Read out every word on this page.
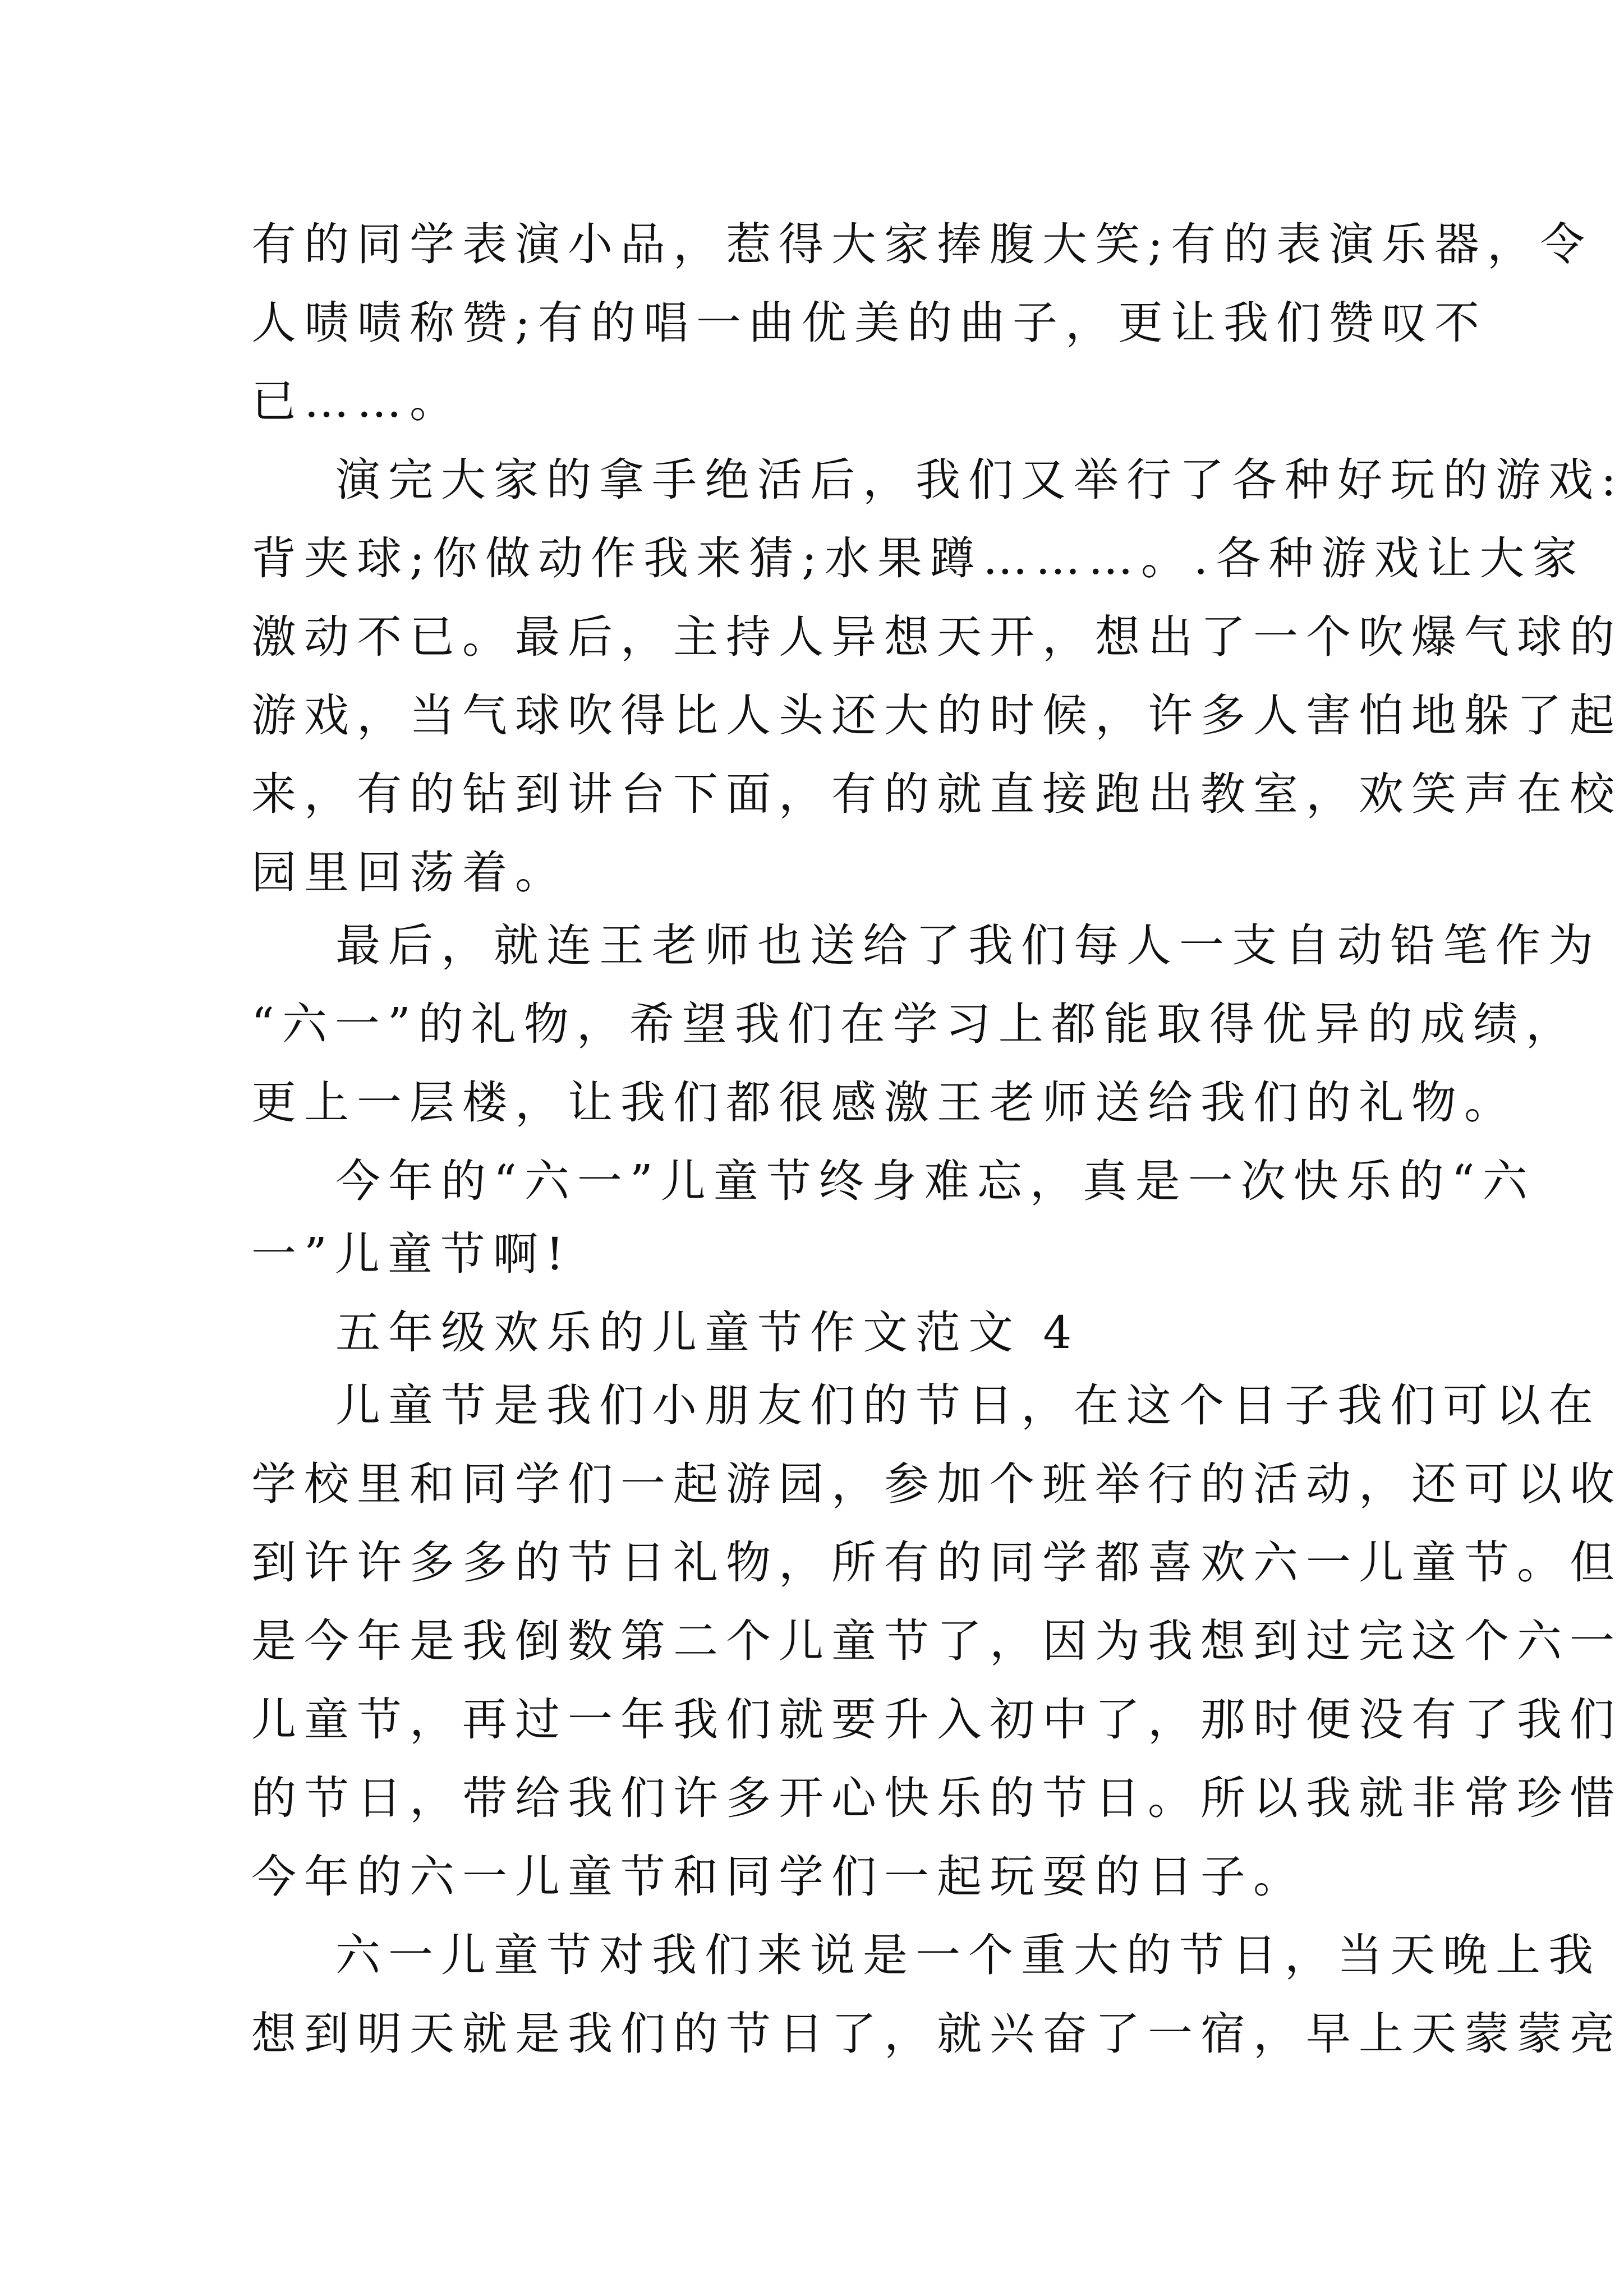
有的同学表演小品，惹得大家捧腹大笑;有的表演乐器，令

人啧啧称赞;有的唱一曲优美的曲子，更让我们赞叹不

已……。

演完大家的拿手绝活后，我们又举行了各种好玩的游戏:

背夹球;你做动作我来猜;水果蹲………。.各种游戏让大家

激动不已。最后，主持人异想天开，想出了一个吹爆气球的

游戏，当气球吹得比人头还大的时候，许多人害怕地躲了起

来，有的钻到讲台下面，有的就直接跑出教室，欢笑声在校

园里回荡着。

最后，就连王老师也送给了我们每人一支自动铅笔作为

“六一”的礼物，希望我们在学习上都能取得优异的成绩，

更上一层楼，让我们都很感激王老师送给我们的礼物。

今年的“六一”儿童节终身难忘，真是一次快乐的“六

一”儿童节啊!

五年级欢乐的儿童节作文范文 4

儿童节是我们小朋友们的节日，在这个日子我们可以在

学校里和同学们一起游园，参加个班举行的活动，还可以收

到许许多多的节日礼物，所有的同学都喜欢六一儿童节。但

是今年是我倒数第二个儿童节了，因为我想到过完这个六一

儿童节，再过一年我们就要升入初中了，那时便没有了我们

的节日，带给我们许多开心快乐的节日。所以我就非常珍惜

今年的六一儿童节和同学们一起玩耍的日子。

六一儿童节对我们来说是一个重大的节日，当天晚上我

想到明天就是我们的节日了，就兴奋了一宿，早上天蒙蒙亮
